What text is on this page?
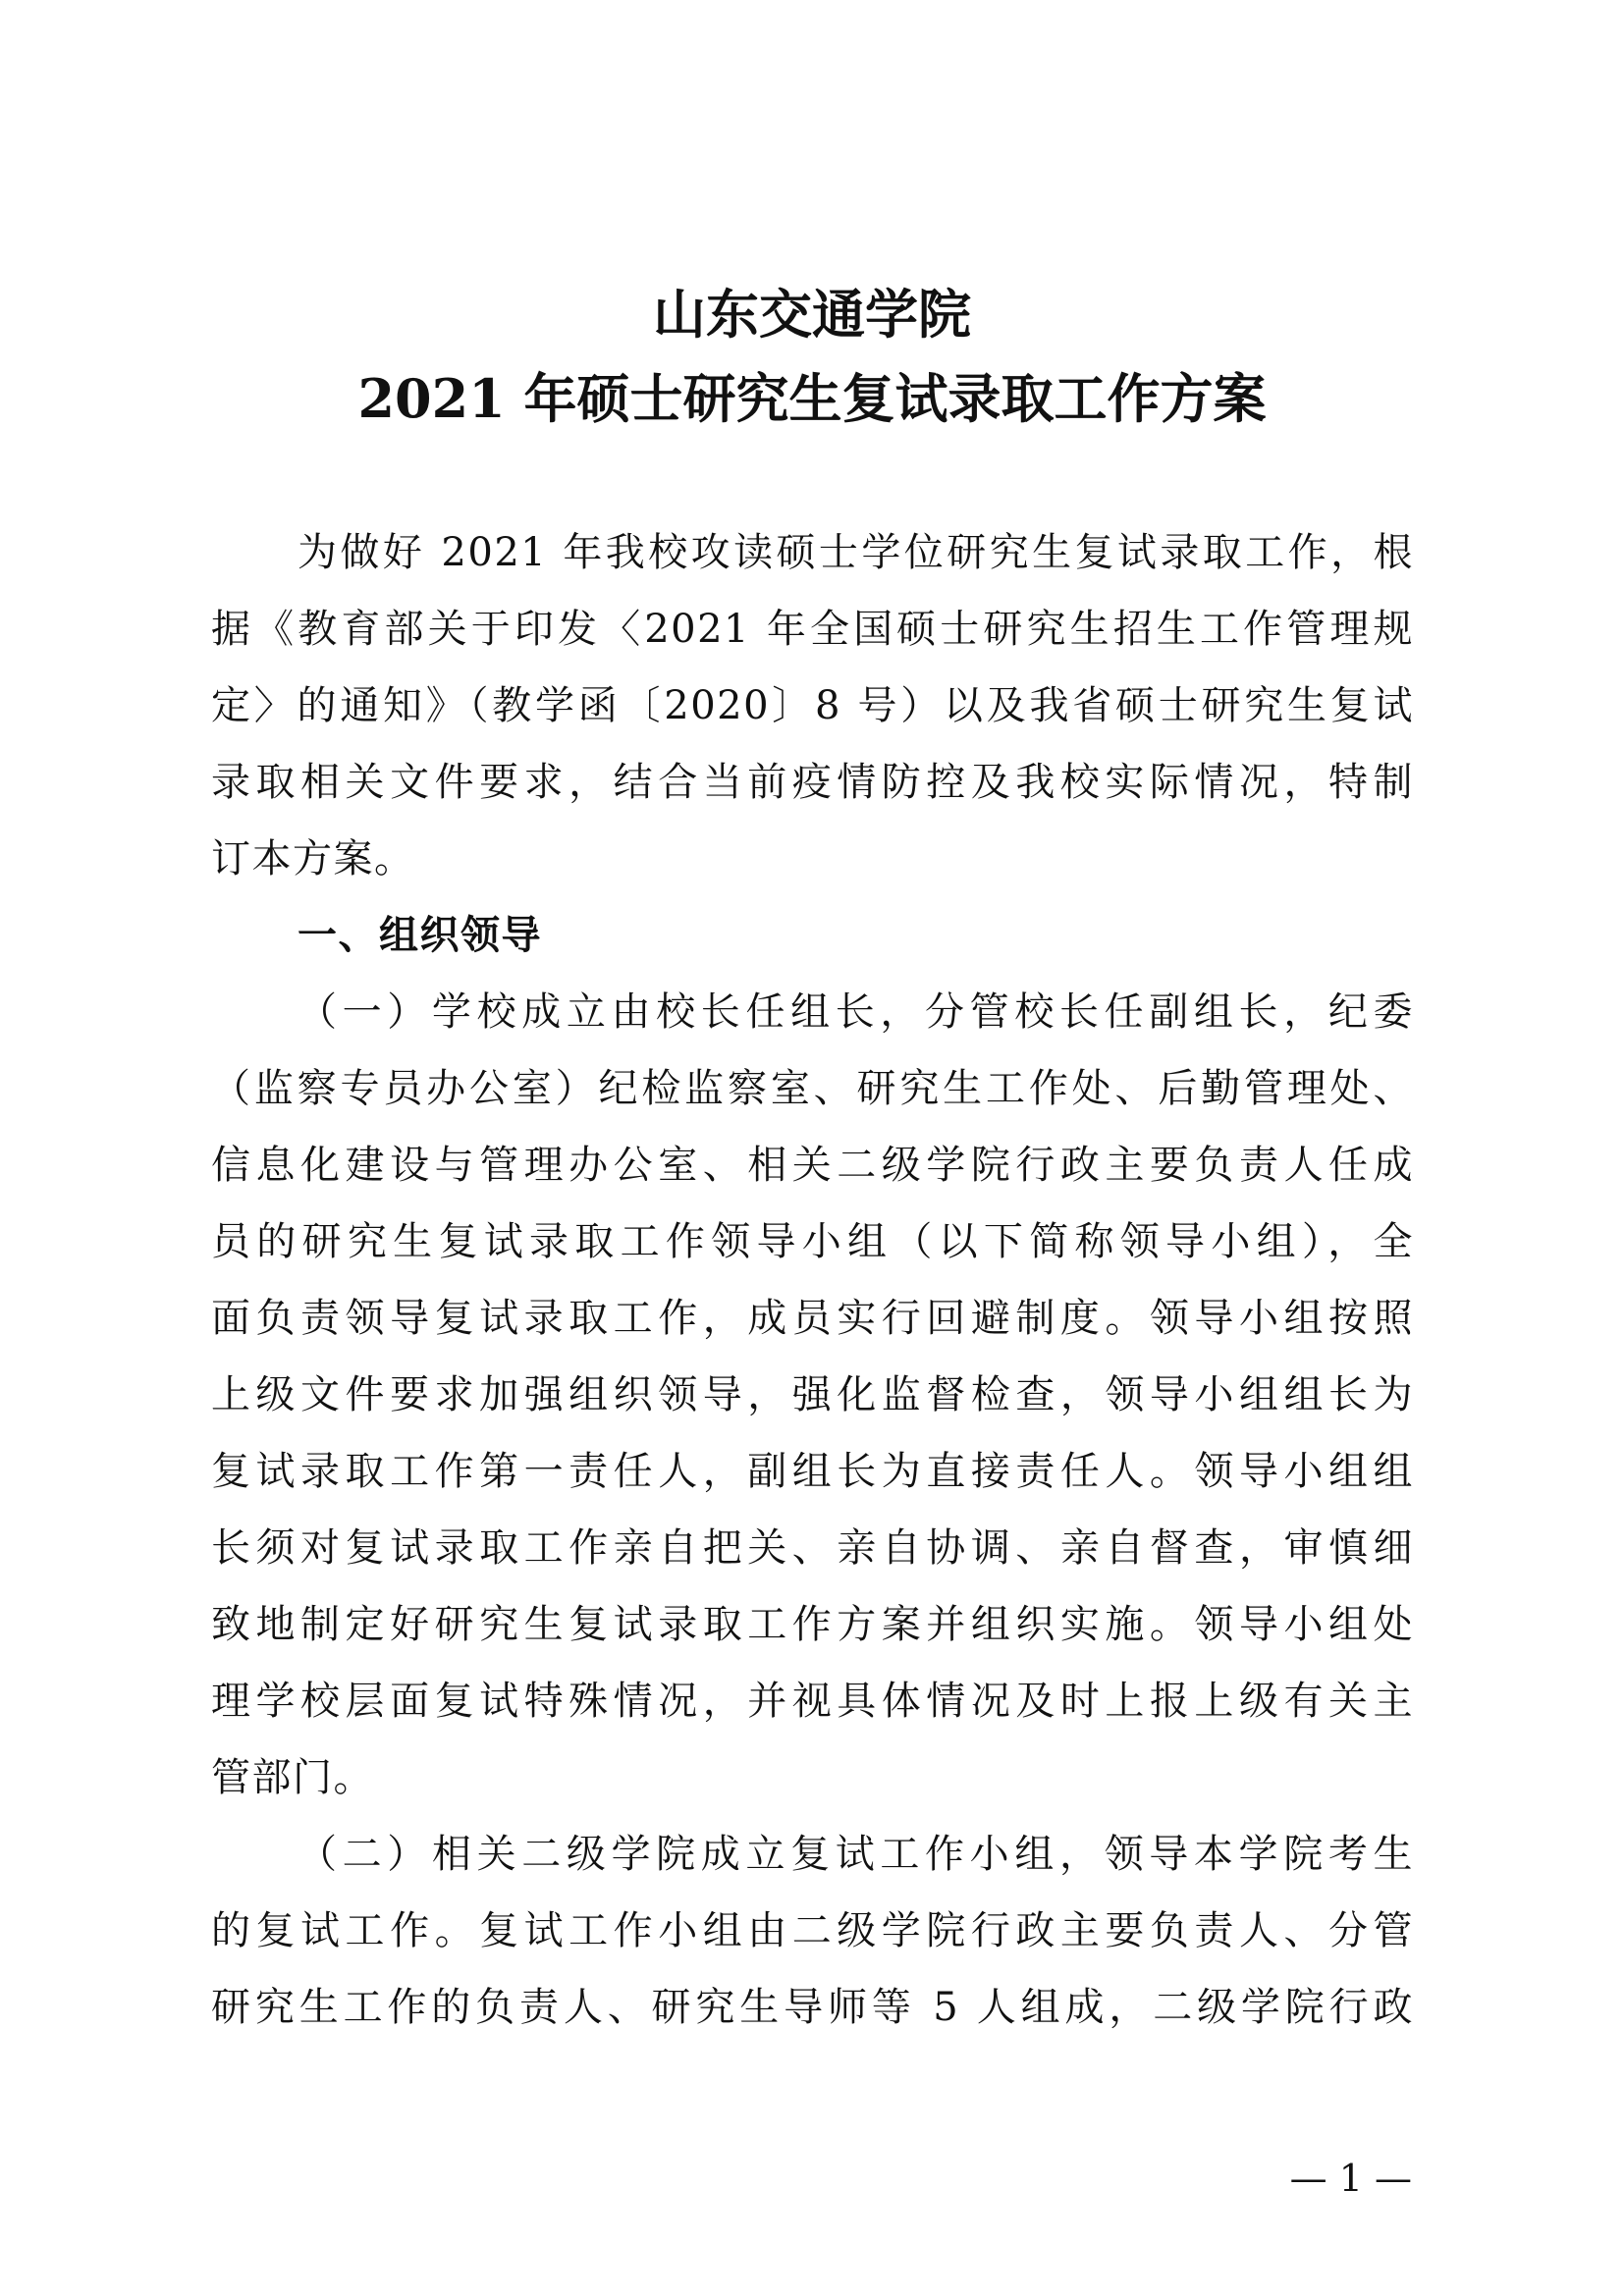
山东交通学院
2021 年硕士研究生复试录取工作方案
为做好 2021 年我校攻读硕士学位研究生复试录取工作，根
据《教育部关于印发〈2021 年全国硕士研究生招生工作管理规
定〉的通知》（教学函〔2020〕8 号）以及我省硕士研究生复试
录取相关文件要求，结合当前疫情防控及我校实际情况，特制
订本方案。
一、组织领导
（一）学校成立由校长任组长，分管校长任副组长，纪委
（监察专员办公室）纪检监察室、研究生工作处、后勤管理处、
信息化建设与管理办公室、相关二级学院行政主要负责人任成
员的研究生复试录取工作领导小组（以下简称领导小组），全
面负责领导复试录取工作，成员实行回避制度。领导小组按照
上级文件要求加强组织领导，强化监督检查，领导小组组长为
复试录取工作第一责任人，副组长为直接责任人。领导小组组
长须对复试录取工作亲自把关、亲自协调、亲自督查，审慎细
致地制定好研究生复试录取工作方案并组织实施。领导小组处
理学校层面复试特殊情况，并视具体情况及时上报上级有关主
管部门。
（二）相关二级学院成立复试工作小组，领导本学院考生
的复试工作。复试工作小组由二级学院行政主要负责人、分管
研究生工作的负责人、研究生导师等 5 人组成，二级学院行政
— 1 —
